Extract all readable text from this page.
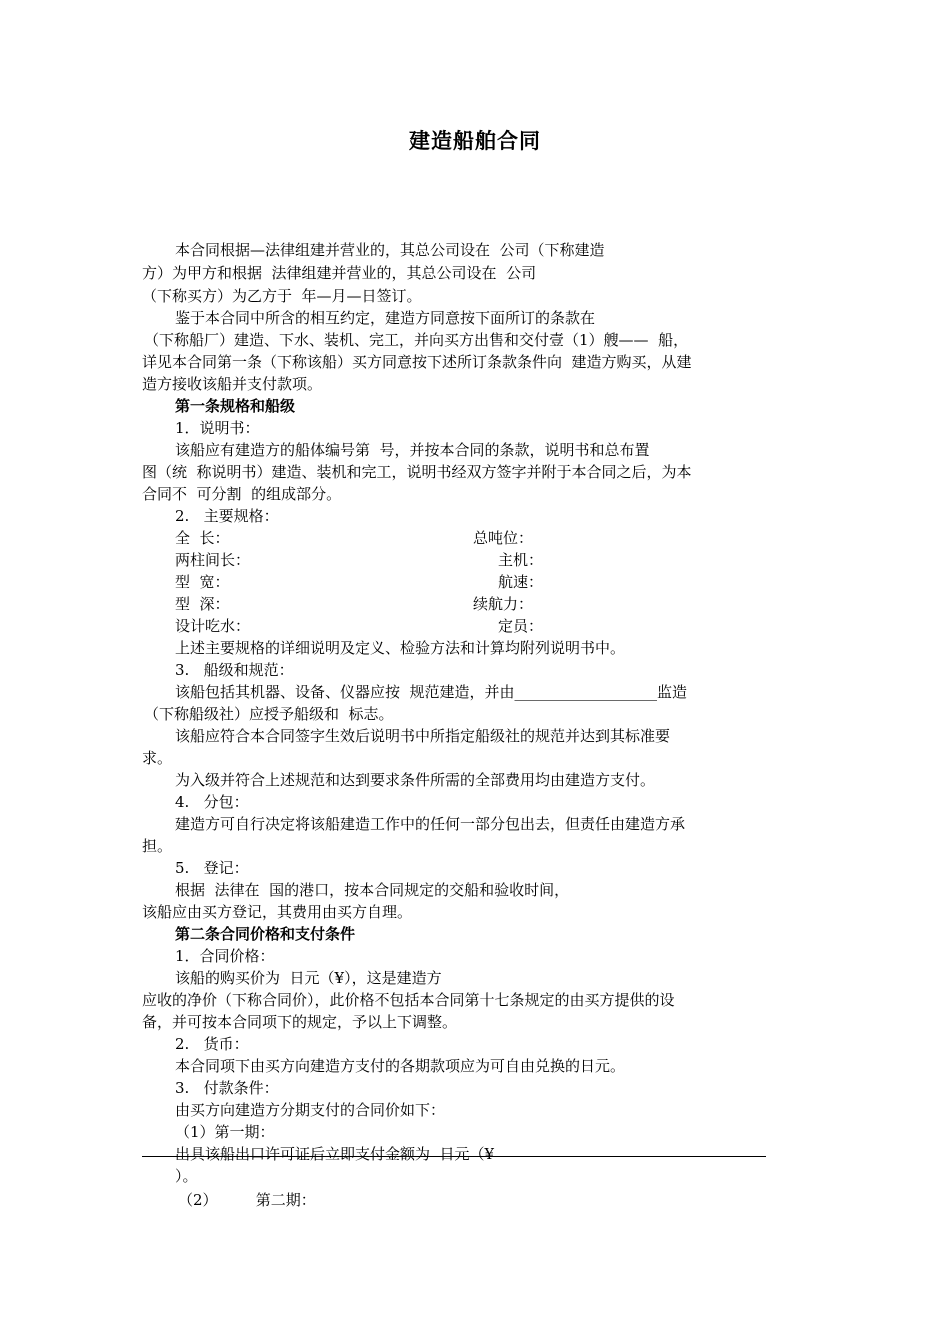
建造船舶合同
本合同根据—法律组建并营业的，其总公司设在  公司（下称建造
方）为甲方和根据  法律组建并营业的，其总公司设在  公司
（下称买方）为乙方于  年—月—日签订。
鉴于本合同中所含的相互约定，建造方同意按下面所订的条款在
（下称船厂）建造、下水、装机、完工，并向买方出售和交付壹（1）艘——  船，
详见本合同第一条（下称该船）买方同意按下述所订条款条件向  建造方购买，从建
造方接收该船并支付款项。
第一条规格和船级
1．说明书：
该船应有建造方的船体编号第  号，并按本合同的条款，说明书和总布置
图（统  称说明书）建造、装机和完工，说明书经双方签字并附于本合同之后，为本
合同不  可分割  的组成部分。
2.   主要规格：
全  长：	总吨位：
两柱间长：	主机：
型  宽：	航速：
型  深：	续航力：
设计吃水：	定员：
上述主要规格的详细说明及定义、检验方法和计算均附列说明书中。
3.   船级和规范：
该船包括其机器、设备、仪器应按  规范建造，并由___________________监造
（下称船级社）应授予船级和  标志。
该船应符合本合同签字生效后说明书中所指定船级社的规范并达到其标准要
求。
为入级并符合上述规范和达到要求条件所需的全部费用均由建造方支付。
4.   分包：
建造方可自行决定将该船建造工作中的任何一部分包出去，但责任由建造方承
担。
5.   登记：
根据  法律在  国的港口，按本合同规定的交船和验收时间，
该船应由买方登记，其费用由买方自理。
第二条合同价格和支付条件
1．合同价格：
该船的购买价为  日元（¥），这是建造方
应收的净价（下称合同价），此价格不包括本合同第十七条规定的由买方提供的设
备，并可按本合同项下的规定，予以上下调整。
2.   货币：
本合同项下由买方向建造方支付的各期款项应为可自由兑换的日元。
3.   付款条件：
由买方向建造方分期支付的合同价如下：
（1）第一期：
出具该船出口许可证后立即支付金额为  日元（¥
）。
（2）        第二期：
